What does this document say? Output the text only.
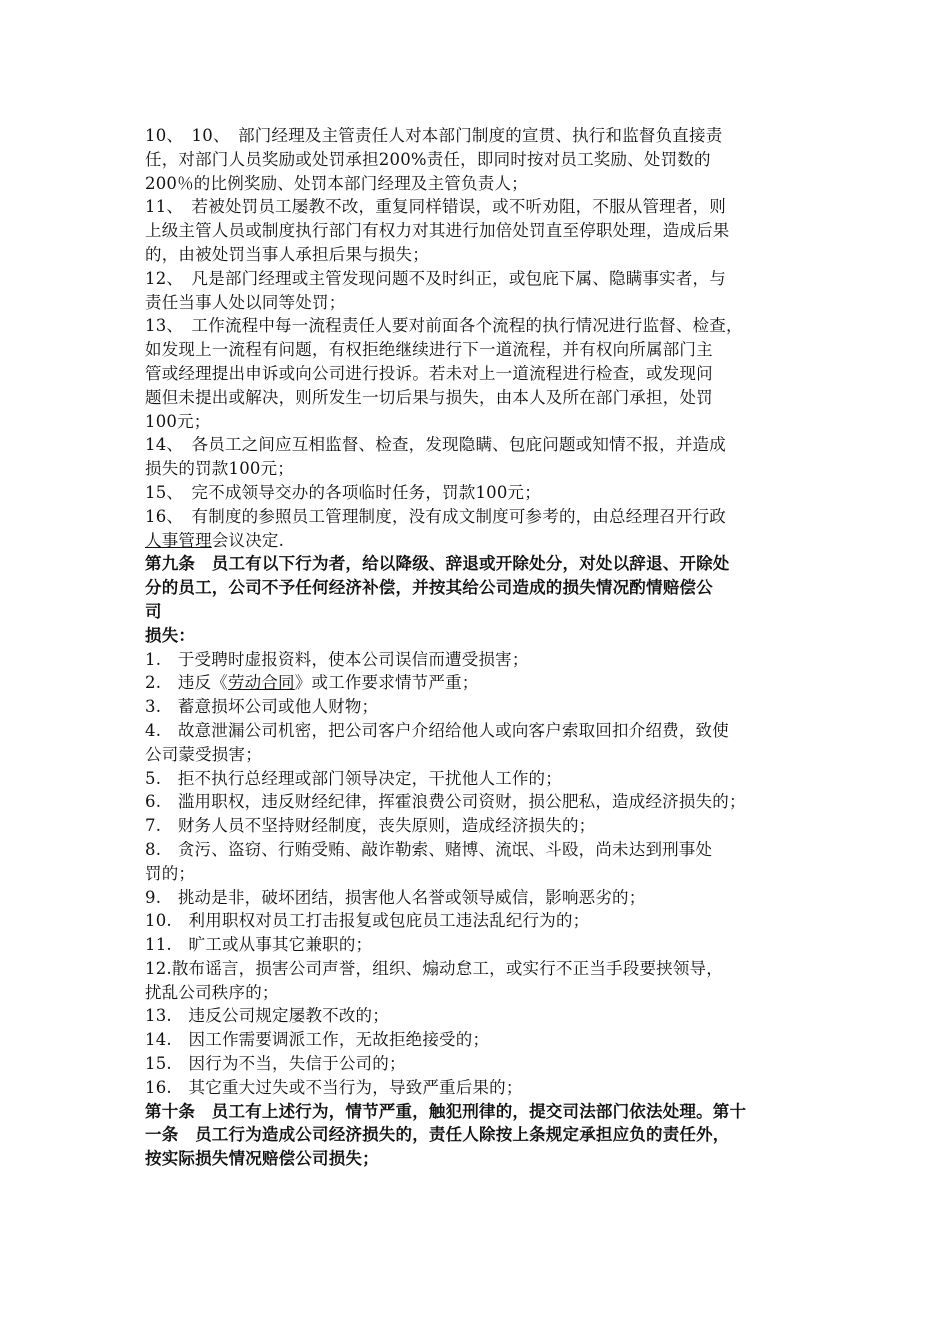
10、　10、　部门经理及主管责任人对本部门制度的宣贯、执行和监督负直接责
任，对部门人员奖励或处罚承担200%责任，即同时按对员工奖励、处罚数的
200％的比例奖励、处罚本部门经理及主管负责人；
11、　若被处罚员工屡教不改，重复同样错误，或不听劝阻，不服从管理者，则
上级主管人员或制度执行部门有权力对其进行加倍处罚直至停职处理，造成后果
的，由被处罚当事人承担后果与损失；
12、　凡是部门经理或主管发现问题不及时纠正，或包庇下属、隐瞒事实者，与
责任当事人处以同等处罚；
13、　工作流程中每一流程责任人要对前面各个流程的执行情况进行监督、检查，
如发现上一流程有问题，有权拒绝继续进行下一道流程，并有权向所属部门主
管或经理提出申诉或向公司进行投诉。若未对上一道流程进行检查，或发现问
题但未提出或解决，则所发生一切后果与损失，由本人及所在部门承担，处罚
100元；
14、　各员工之间应互相监督、检查，发现隐瞒、包庇问题或知情不报，并造成
损失的罚款100元；
15、　完不成领导交办的各项临时任务，罚款100元；
16、　有制度的参照员工管理制度，没有成文制度可参考的，由总经理召开行政
人事管理会议决定.
第九条　员工有以下行为者，给以降级、辞退或开除处分，对处以辞退、开除处
分的员工，公司不予任何经济补偿，并按其给公司造成的损失情况酌情赔偿公
司
损失：
1.　于受聘时虚报资料，使本公司误信而遭受损害；
2.　违反《劳动合同》或工作要求情节严重；
3.　蓄意损坏公司或他人财物；
4.　故意泄漏公司机密，把公司客户介绍给他人或向客户索取回扣介绍费，致使
公司蒙受损害；
5.　拒不执行总经理或部门领导决定，干扰他人工作的；
6.　滥用职权，违反财经纪律，挥霍浪费公司资财，损公肥私，造成经济损失的；
7.　财务人员不坚持财经制度，丧失原则，造成经济损失的；
8.　贪污、盗窃、行贿受贿、敲诈勒索、赌博、流氓、斗殴，尚未达到刑事处
罚的；
9.　挑动是非，破坏团结，损害他人名誉或领导威信，影响恶劣的；
10.　利用职权对员工打击报复或包庇员工违法乱纪行为的；
11.　旷工或从事其它兼职的；
12.散布谣言，损害公司声誉，组织、煽动怠工，或实行不正当手段要挟领导，
扰乱公司秩序的；
13.　违反公司规定屡教不改的；
14.　因工作需要调派工作，无故拒绝接受的；
15.　因行为不当，失信于公司的；
16.　其它重大过失或不当行为，导致严重后果的；
第十条　员工有上述行为，情节严重，触犯刑律的，提交司法部门依法处理。第十
一条　员工行为造成公司经济损失的，责任人除按上条规定承担应负的责任外，
按实际损失情况赔偿公司损失；
